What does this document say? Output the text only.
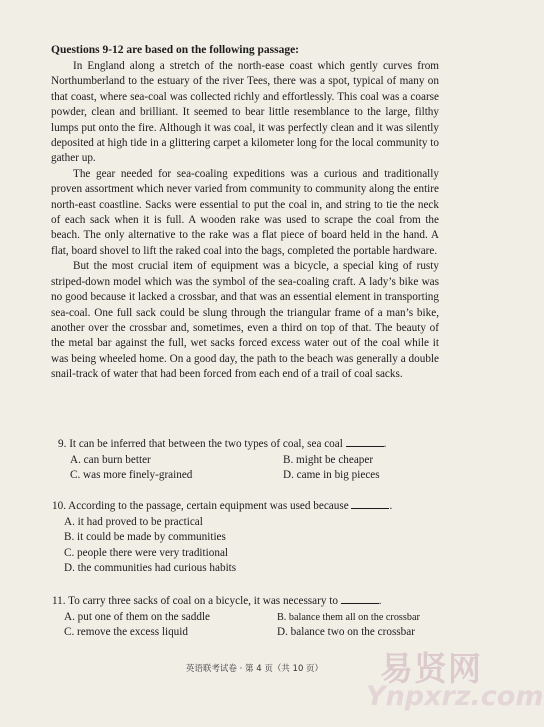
Questions 9-12 are based on the following passage:

In England along a stretch of the north-ease coast which gently curves from Northumberland to the estuary of the river Tees, there was a spot, typical of many on that coast, where sea-coal was collected richly and effortlessly. This coal was a coarse powder, clean and brilliant. It seemed to bear little resemblance to the large, filthy lumps put onto the fire. Although it was coal, it was perfectly clean and it was silently deposited at high tide in a glittering carpet a kilometer long for the local community to gather up.

The gear needed for sea-coaling expeditions was a curious and traditionally proven assortment which never varied from community to community along the entire north-east coastline. Sacks were essential to put the coal in, and string to tie the neck of each sack when it is full. A wooden rake was used to scrape the coal from the beach. The only alternative to the rake was a flat piece of board held in the hand. A flat, board shovel to lift the raked coal into the bags, completed the portable hardware.

But the most crucial item of equipment was a bicycle, a special king of rusty striped-down model which was the symbol of the sea-coaling craft. A lady’s bike was no good because it lacked a crossbar, and that was an essential element in transporting sea-coal. One full sack could be slung through the triangular frame of a man’s bike, another over the crossbar and, sometimes, even a third on top of that. The beauty of the metal bar against the full, wet sacks forced excess water out of the coal while it was being wheeled home. On a good day, the path to the beach was generally a double snail-track of water that had been forced from each end of a trail of coal sacks.

9. It can be inferred that between the two types of coal, sea coal	.
A. can burn better	B. might be cheaper
C. was more finely-grained	D. came in big pieces
10. According to the passage, certain equipment was used because	.
A. it had proved to be practical
B. it could be made by communities
C. people there were very traditional
D. the communities had curious habits
11. To carry three sacks of coal on a bicycle, it was necessary to	.
A. put one of them on the saddle	B. balance them all on the crossbar
C. remove the excess liquid	D. balance two on the crossbar
英语联考试卷 · 第 4 页（共 10 页）	易贤网
Ynpxrz.com
